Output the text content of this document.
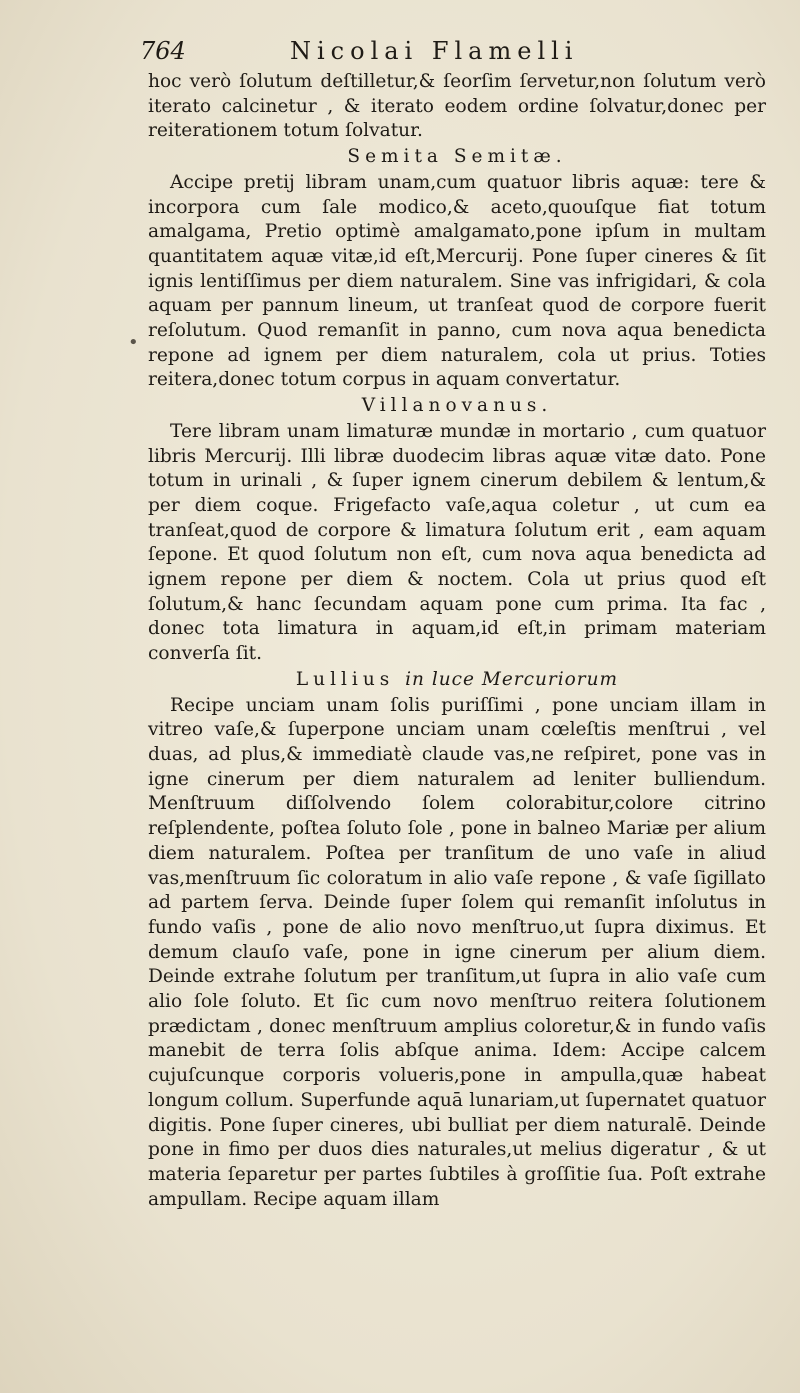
764	Nicolai Flamelli
•

hoc verò ſolutum deſtilletur,& ſeorſim ſervetur,non ſolutum verò iterato calcinetur , & iterato eodem ordine ſolvatur,donec per reiterationem totum ſolvatur.

Semita Semitæ.

Accipe pretij libram unam,cum quatuor libris aquæ: tere & incorpora cum ſale modico,& aceto,quouſque fiat totum amalgama, Pretio optimè amalgamato,pone ipſum in multam quantitatem aquæ vitæ,id eſt,Mercurij. Pone ſuper cineres & ſit ignis lentiſſimus per diem naturalem. Sine vas infrigidari, & cola aquam per pannum lineum, ut tranſeat quod de corpore fuerit reſolutum. Quod remanſit in panno, cum nova aqua benedicta repone ad ignem per diem naturalem, cola ut prius. Toties reitera,donec totum corpus in aquam convertatur.

Villanovanus.

Tere libram unam limaturæ mundæ in mortario , cum quatuor libris Mercurij. Illi libræ duodecim libras aquæ vitæ dato. Pone totum in urinali , & ſuper ignem cinerum debilem & lentum,& per diem coque. Frigefacto vaſe,aqua coletur , ut cum ea tranſeat,quod de corpore & limatura ſolutum erit , eam aquam ſepone. Et quod ſolutum non eſt, cum nova aqua benedicta ad ignem repone per diem & noctem. Cola ut prius quod eſt ſolutum,& hanc ſecundam aquam pone cum prima. Ita fac , donec tota limatura in aquam,id eſt,in primam materiam converſa ſit.

Lullius in luce Mercuriorum

Recipe unciam unam ſolis puriſſimi , pone unciam illam in vitreo vaſe,& ſuperpone unciam unam cœleſtis menſtrui , vel duas, ad plus,& immediatè claude vas,ne reſpiret, pone vas in igne cinerum per diem naturalem ad leniter bulliendum. Menſtruum diſſolvendo ſolem colorabitur,colore citrino reſplendente, poſtea ſoluto ſole , pone in balneo Mariæ per alium diem naturalem. Poſtea per tranſitum de uno vaſe in aliud vas,menſtruum ſic coloratum in alio vaſe repone , & vaſe ſigillato ad partem ſerva. Deinde ſuper ſolem qui remanſit inſolutus in fundo vaſis , pone de alio novo menſtruo,ut ſupra diximus. Et demum clauſo vaſe, pone in igne cinerum per alium diem. Deinde extrahe ſolutum per tranſitum,ut ſupra in alio vaſe cum alio ſole ſoluto. Et ſic cum novo menſtruo reitera ſolutionem prædictam , donec menſtruum amplius coloretur,& in fundo vaſis manebit de terra ſolis abſque anima. Idem: Accipe calcem cujuſcunque corporis volueris,pone in ampulla,quæ habeat longum collum. Superfunde aquā lunariam,ut ſupernatet quatuor digitis. Pone ſuper cineres, ubi bulliat per diem naturalē. Deinde pone in fimo per duos dies naturales,ut melius digeratur , & ut materia ſeparetur per partes ſubtiles à groſſitie ſua. Poſt extrahe ampullam. Recipe aquam illam
